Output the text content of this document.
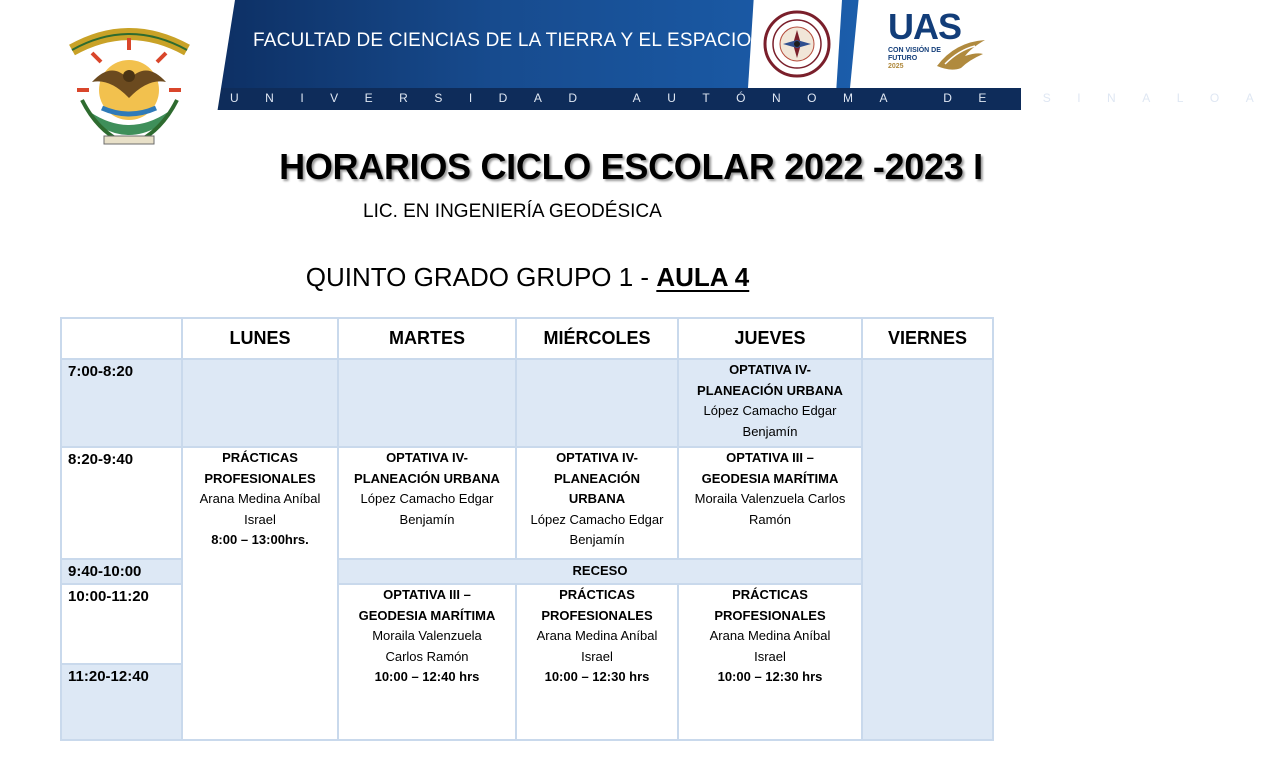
FACULTAD DE CIENCIAS DE LA TIERRA Y EL ESPACIO
UNIVERSIDAD AUTÓNOMA DE SINALOA
UAS
CON VISIÓN DE
FUTURO
2025
HORARIOS CICLO ESCOLAR 2022 -2023 I
LIC. EN INGENIERÍA GEODÉSICA
QUINTO GRADO GRUPO 1 - AULA 4
	LUNES	MARTES	MIÉRCOLES	JUEVES	VIERNES
7:00-8:20				OPTATIVA IV-
PLANEACIÓN URBANA
López Camacho Edgar
Benjamín	

8:20-9:40	PRÁCTICAS
PROFESIONALES
Arana Medina Aníbal
Israel
8:00 – 13:00hrs.	OPTATIVA IV-
PLANEACIÓN URBANA
López Camacho Edgar
Benjamín	OPTATIVA IV-
PLANEACIÓN
URBANA
López Camacho Edgar
Benjamín	OPTATIVA III –
GEODESIA MARÍTIMA
Moraila Valenzuela Carlos
Ramón	

9:40-10:00		RECESO			
10:00-11:20		OPTATIVA III –
GEODESIA MARÍTIMA
Moraila Valenzuela
Carlos Ramón
10:00 – 12:40 hrs	PRÁCTICAS
PROFESIONALES
Arana Medina Aníbal
Israel
10:00 – 12:30 hrs	PRÁCTICAS
PROFESIONALES
Arana Medina Aníbal
Israel
10:00 – 12:30 hrs	

11:20-12:40					
